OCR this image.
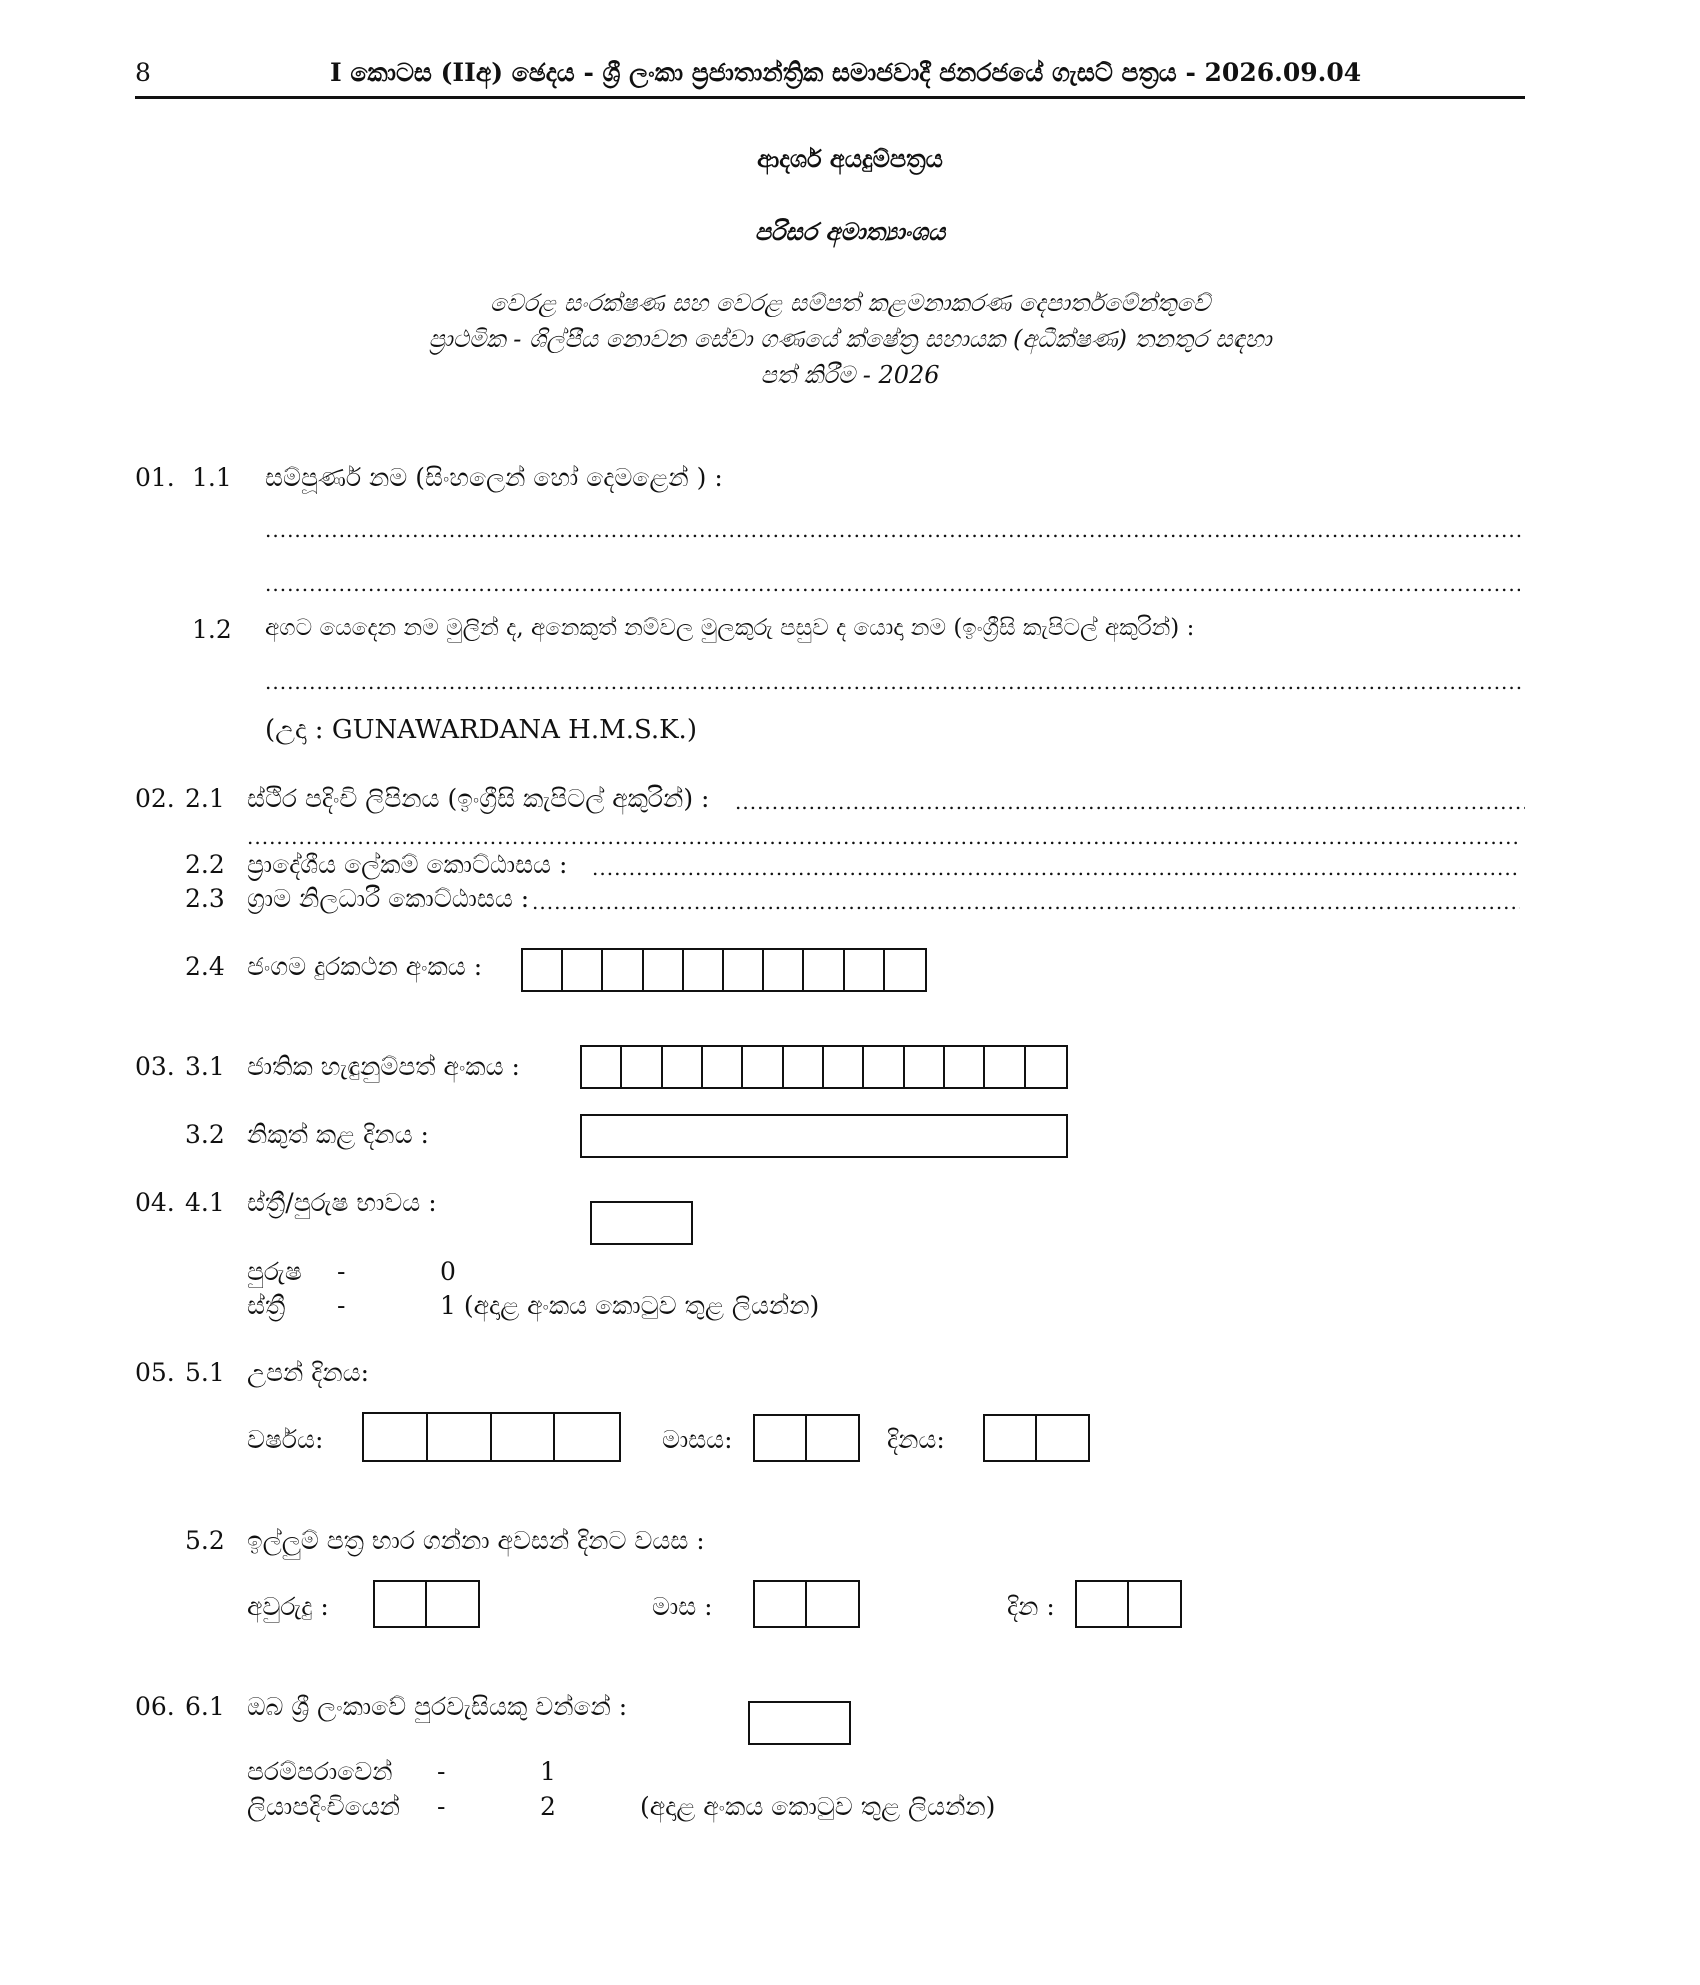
8	I කොටස (IIඅ) ඡෙදය - ශ්‍රී ලංකා ප්‍රජාතාන්ත්‍රික සමාජවාදී ජනරජයේ ගැසට් පත්‍රය - 2026.09.04
ආදර්ශ අයදුම්පත්‍රය
පරිසර අමාත්‍යාංශය
වෙරළ සංරක්ෂණ සහ වෙරළ සම්පත් කළමනාකරණ දෙපාර්තමේන්තුවේ
ප්‍රාථමික - ශිල්පීය නොවන සේවා ගණයේ ක්ෂේත්‍ර සහායක (අධීක්ෂණ) තනතුර සඳහා
පත් කිරීම - 2026
01. 1.1 සම්පූර්ණ නම (සිංහලෙන් හෝ දෙමළෙන් ) :
.....
.....
1.2 අගට යෙදෙන නම මුලින් ද, අනෙකුත් නම්වල මුලකුරු පසුව ද යොදා නම (ඉංග්‍රීසි කැපිටල් අකුරින්) :
.....
(උදා : GUNAWARDANA H.M.S.K.)
02. 2.1 ස්ථිර පදිංචි ලිපිනය (ඉංග්‍රීසි කැපිටල් අකුරින්) :
.....
.....
2.2 ප්‍රාදේශීය ලේකම් කොට්ඨාසය :
.....
2.3 ග්‍රාම නිලධාරී කොට්ඨාසය :
.....
2.4 ජංගම දුරකථන අංකය :
03. 3.1 ජාතික හැඳුනුම්පත් අංකය :
3.2 නිකුත් කළ දිනය :
04. 4.1 ස්ත්‍රී/පුරුෂ භාවය :
පුරුෂ -	0
ස්ත්‍රී -	1 (අදාළ අංකය කොටුව තුළ ලියන්න)
05. 5.1 උපන් දිනය:
වර්ෂය:	මාසය:	දිනය:
5.2 ඉල්ලුම් පත්‍ර භාර ගන්නා අවසන් දිනට වයස :
අවුරුදු :	මාස :	දින :
06. 6.1 ඔබ ශ්‍රී ලංකාවේ පුරවැසියකු වන්නේ :
පරම්පරාවෙන් -	1
ලියාපදිංචියෙන් -	2	(අදාළ අංකය කොටුව තුළ ලියන්න)
